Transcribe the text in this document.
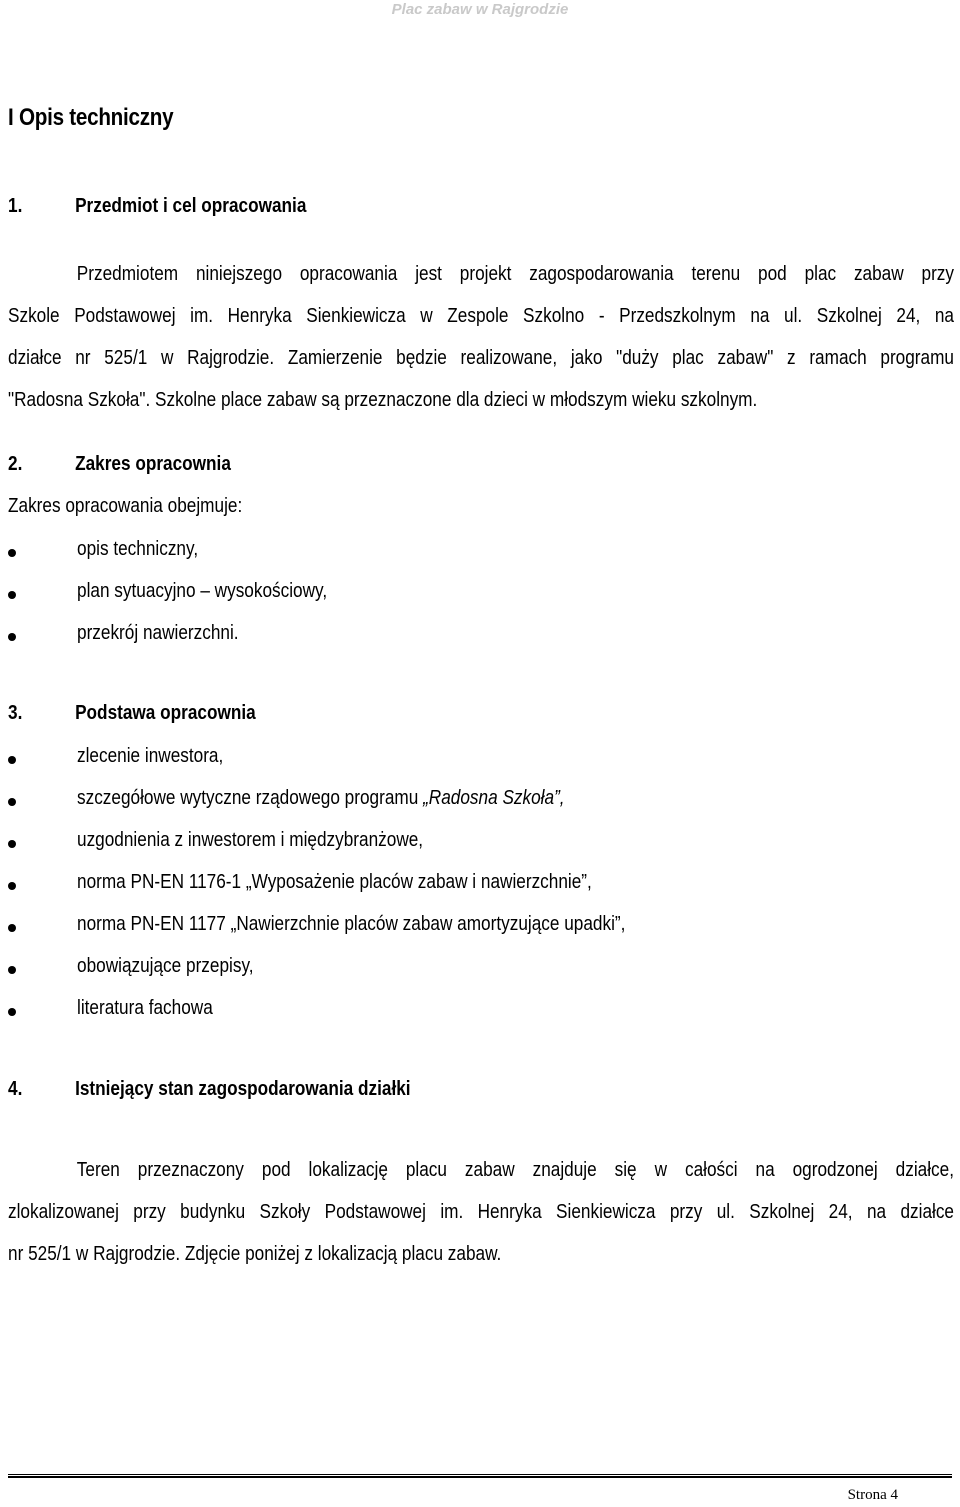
Plac zabaw w Rajgrodzie
I Opis techniczny
1.	Przedmiot i cel opracowania
Przedmiotem niniejszego opracowania jest projekt zagospodarowania terenu pod plac zabaw przy
Szkole Podstawowej im. Henryka Sienkiewicza w Zespole Szkolno - Przedszkolnym na ul. Szkolnej 24, na
działce nr 525/1 w Rajgrodzie. Zamierzenie będzie realizowane, jako "duży plac zabaw" z ramach programu
"Radosna Szkoła". Szkolne place zabaw są przeznaczone dla dzieci w młodszym wieku szkolnym.
2.	Zakres opracownia
Zakres opracowania obejmuje:
opis techniczny,
plan sytuacyjno – wysokościowy,
przekrój nawierzchni.
3.	Podstawa opracownia
zlecenie inwestora,
szczegółowe wytyczne rządowego programu „Radosna Szkoła”,
uzgodnienia z inwestorem i międzybranżowe,
norma PN-EN 1176-1 „Wyposażenie placów zabaw i nawierzchnie”,
norma PN-EN 1177 „Nawierzchnie placów zabaw amortyzujące upadki”,
obowiązujące przepisy,
literatura fachowa
4.	Istniejący stan zagospodarowania działki
Teren przeznaczony pod lokalizację placu zabaw znajduje się w całości na ogrodzonej działce,
zlokalizowanej przy budynku Szkoły Podstawowej im. Henryka Sienkiewicza przy ul. Szkolnej 24, na działce
nr 525/1 w Rajgrodzie. Zdjęcie poniżej z lokalizacją placu zabaw.
Strona 4
